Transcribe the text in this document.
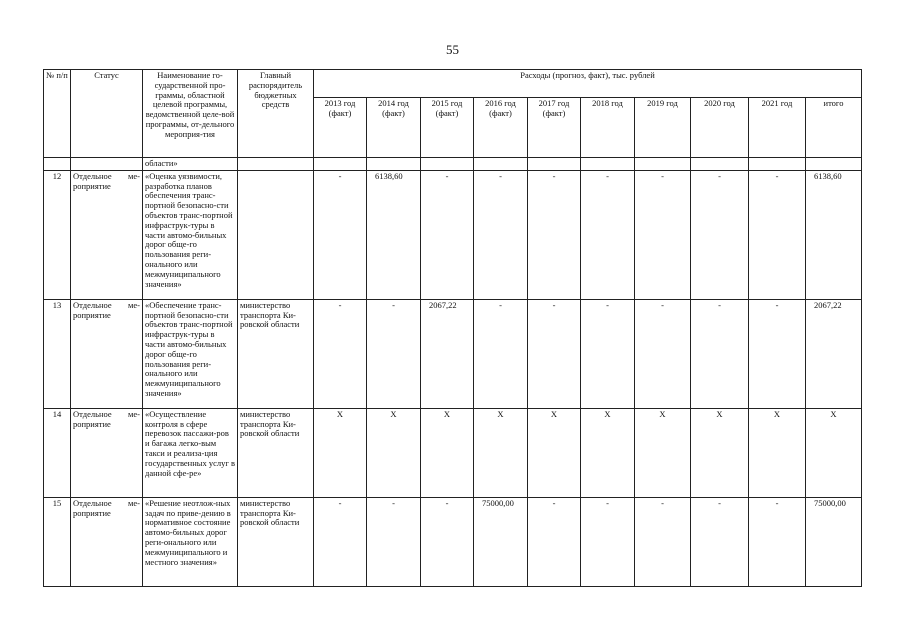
55
№ п/п	Статус	Наименование го-сударственной про-граммы, областной целевой программы, ведомственной целе-вой программы, от-дельного мероприя-тия	Главный распорядитель бюджетных средств	Расходы (прогноз, факт), тыс. рублей									
				2013 год (факт)	2014 год (факт)	2015 год (факт)	2016 год (факт)	2017 год (факт)	2018 год	2019 год	2020 год	2021 год	итого
		области»											
12	Отдельное ме-роприятие	«Оценка уязвимости, разработка планов обеспечения транс-портной безопасно-сти объектов транс-портной инфраструк-туры в части автомо-бильных дорог обще-го пользования реги-онального или межмуниципального значения»		-	6138,60	-	-	-	-	-	-	-	6138,60
13	Отдельное ме-роприятие	«Обеспечение транс-портной безопасно-сти объектов транс-портной инфраструк-туры в части автомо-бильных дорог обще-го пользования реги-онального или межмуниципального значения»	министерство транспорта Ки-ровской области	-	-	2067,22	-	-	-	-	-	-	2067,22
14	Отдельное ме-роприятие	«Осуществление контроля в сфере перевозок пассажи-ров и багажа легко-вым такси и реализа-ция государственных услуг в данной сфе-ре»	министерство транспорта Ки-ровской области	X	X	X	X	X	X	X	X	X	X
15	Отдельное ме-роприятие	«Решение неотлож-ных задач по приве-дению в нормативное состояние автомо-бильных дорог реги-онального или межмуниципального и местного значения»	министерство транспорта Ки-ровской области	-	-	-	75000,00	-	-	-	-	-	75000,00
